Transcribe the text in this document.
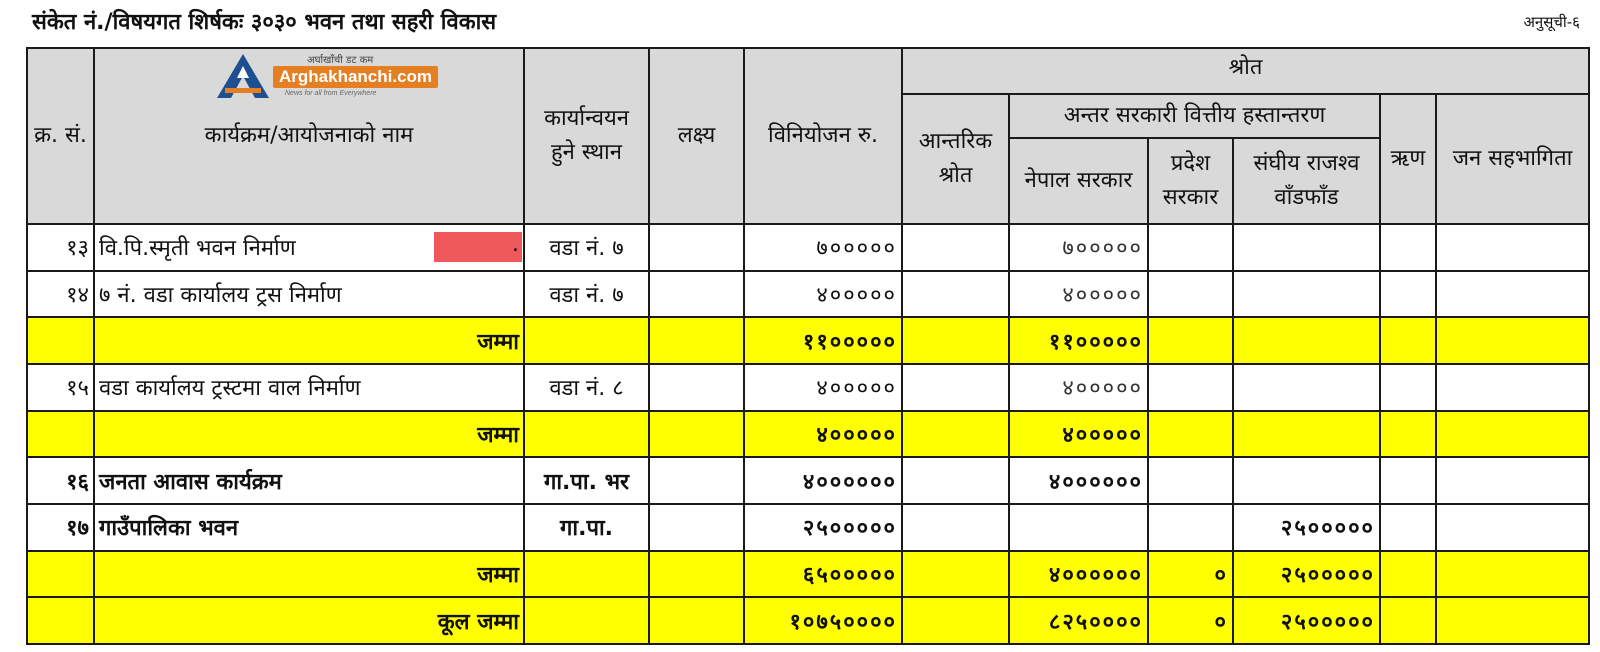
संकेत नं./विषयगत शिर्षकः ३०३० भवन तथा सहरी विकास	अनुसूची-६
क्र. सं.	कार्यक्रम/आयोजनाको नाम	कार्यान्वयन हुने स्थान	लक्ष्य	विनियोजन रु.	श्रोत					
					आन्तरिक श्रोत	अन्तर सरकारी वित्तीय हस्तान्तरण			ऋण	जन सहभागिता
						नेपाल सरकार	प्रदेश सरकार	संघीय राजश्व वाँडफाँड		
१३	वि.पि.स्मृती भवन निर्माण .	वडा नं. ७		७०००००		७०००००				
१४	७ नं. वडा कार्यालय ट्रस निर्माण	वडा नं. ७		४०००००		४०००००				
	जम्मा			११०००००		११०००००				
१५	वडा कार्यालय ट्रस्टमा वाल निर्माण	वडा नं. ८		४०००००		४०००००				
	जम्मा			४०००००		४०००००				
१६	जनता आवास कार्यक्रम	गा.पा. भर		४००००००		४००००००				
१७	गाउँपालिका भवन	गा.पा.		२५०००००				२५०००००		
	जम्मा			६५०००००		४००००००	०	२५०००००		
	कूल जम्मा			१०७५००००		८२५००००	०	२५०००००		
अर्घाखाँची डट कम
Arghakhanchi.com
News for all from Everywhere
